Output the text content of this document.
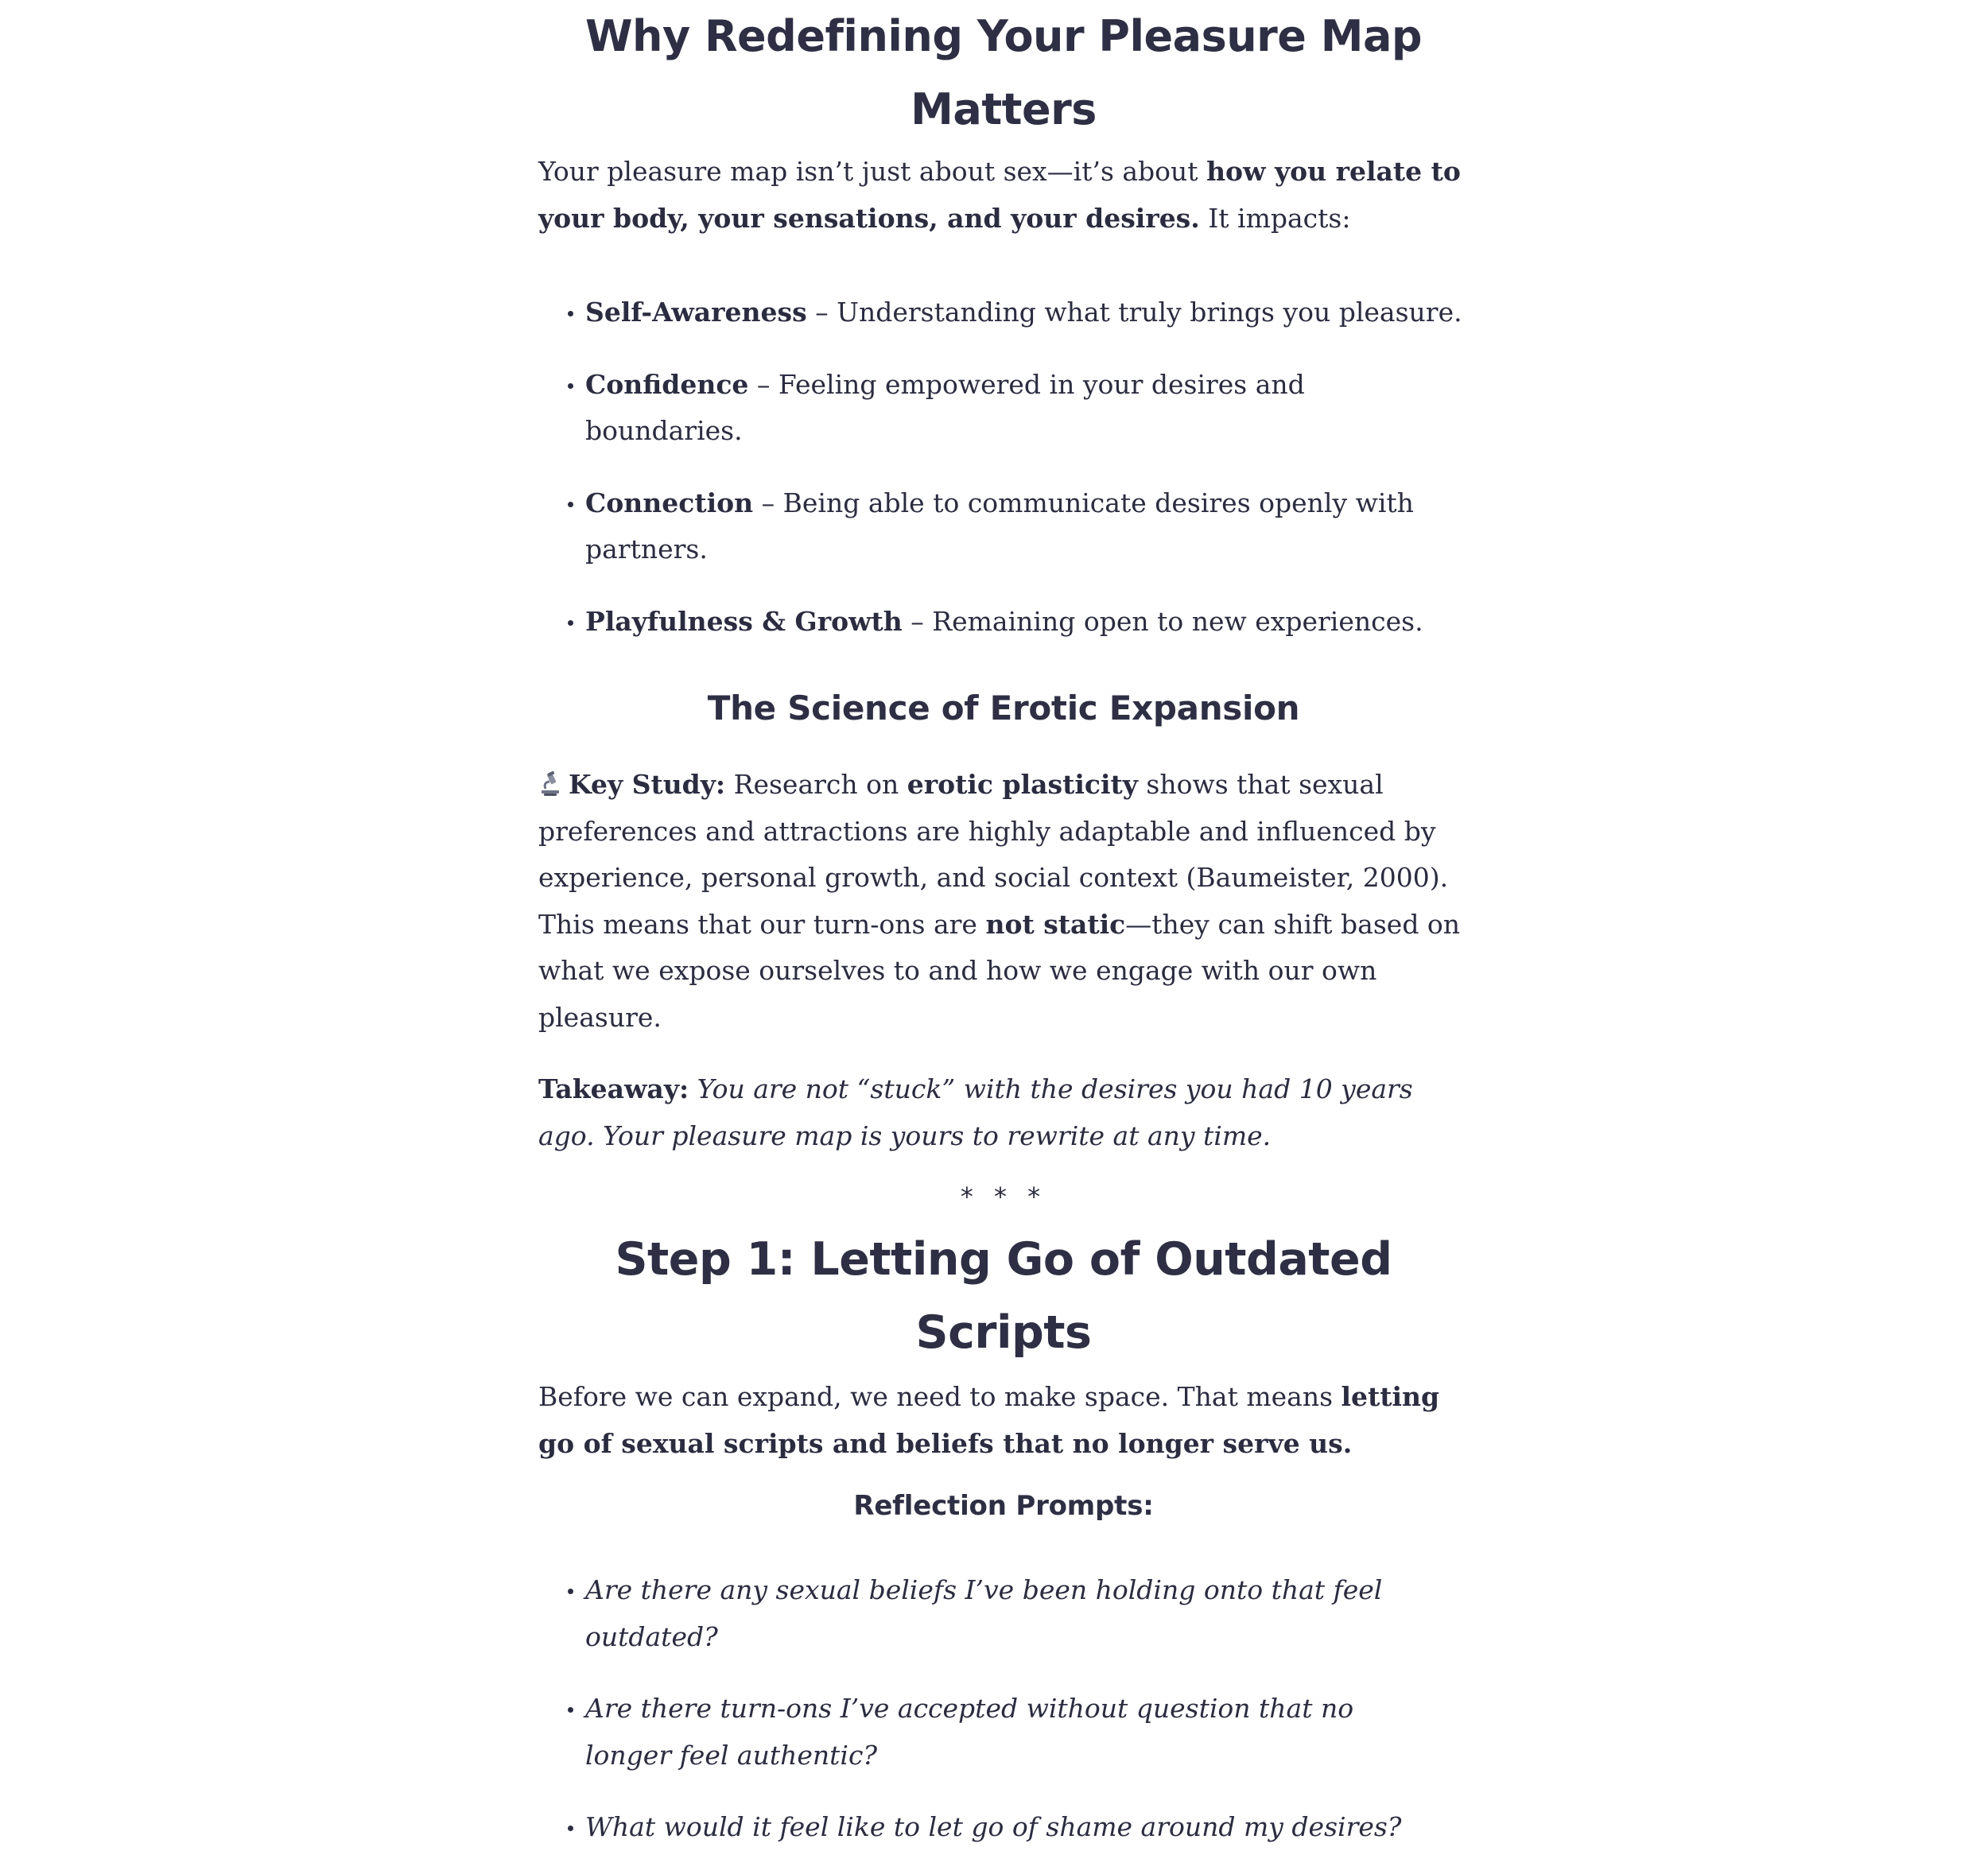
Why Redefining Your Pleasure Map Matters

Your pleasure map isn’t just about sex—it’s about how you relate to your body, your sensations, and your desires. It impacts:

Self-Awareness – Understanding what truly brings you pleasure.
Confidence – Feeling empowered in your desires and boundaries.
Connection – Being able to communicate desires openly with partners.
Playfulness & Growth – Remaining open to new experiences.
The Science of Erotic Expansion

Key Study: Research on erotic plasticity shows that sexual preferences and attractions are highly adaptable and influenced by experience, personal growth, and social context (Baumeister, 2000). This means that our turn-ons are not static—they can shift based on what we expose ourselves to and how we engage with our own pleasure.

Takeaway: You are not “stuck” with the desires you had 10 years ago. Your pleasure map is yours to rewrite at any time.

* * *

Step 1: Letting Go of Outdated Scripts

Before we can expand, we need to make space. That means letting go of sexual scripts and beliefs that no longer serve us.

Reflection Prompts:
Are there any sexual beliefs I’ve been holding onto that feel outdated?
Are there turn-ons I’ve accepted without question that no longer feel authentic?
What would it feel like to let go of shame around my desires?
